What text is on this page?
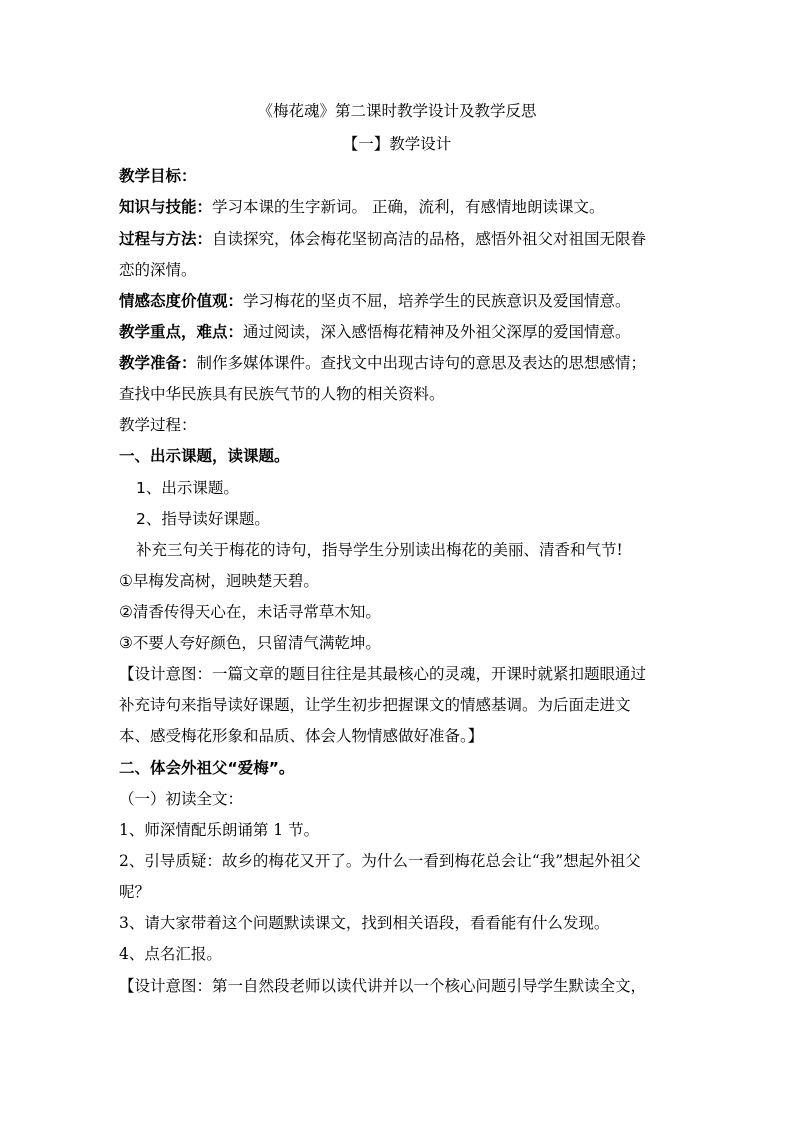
《梅花魂》第二课时教学设计及教学反思
【一】教学设计
教学目标：
知识与技能：学习本课的生字新词。 正确，流利，有感情地朗读课文。
过程与方法：自读探究，体会梅花坚韧高洁的品格，感悟外祖父对祖国无限眷
恋的深情。
情感态度价值观：学习梅花的坚贞不屈，培养学生的民族意识及爱国情意。
教学重点，难点：通过阅读，深入感悟梅花精神及外祖父深厚的爱国情意。
教学准备：制作多媒体课件。查找文中出现古诗句的意思及表达的思想感情；
查找中华民族具有民族气节的人物的相关资料。
教学过程：
一、出示课题，读课题。
1、出示课题。
2、指导读好课题。
补充三句关于梅花的诗句，指导学生分别读出梅花的美丽、清香和气节!
①早梅发高树，迥映楚天碧。
②清香传得天心在，未话寻常草木知。
③不要人夸好颜色，只留清气满乾坤。
【设计意图：一篇文章的题目往往是其最核心的灵魂，开课时就紧扣题眼通过
补充诗句来指导读好课题，让学生初步把握课文的情感基调。为后面走进文
本、感受梅花形象和品质、体会人物情感做好准备。】
二、体会外祖父“爱梅”。
（一）初读全文：
1、师深情配乐朗诵第 1 节。
2、引导质疑：故乡的梅花又开了。为什么一看到梅花总会让“我”想起外祖父
呢？
3、请大家带着这个问题默读课文，找到相关语段，看看能有什么发现。
4、点名汇报。
【设计意图：第一自然段老师以读代讲并以一个核心问题引导学生默读全文，
